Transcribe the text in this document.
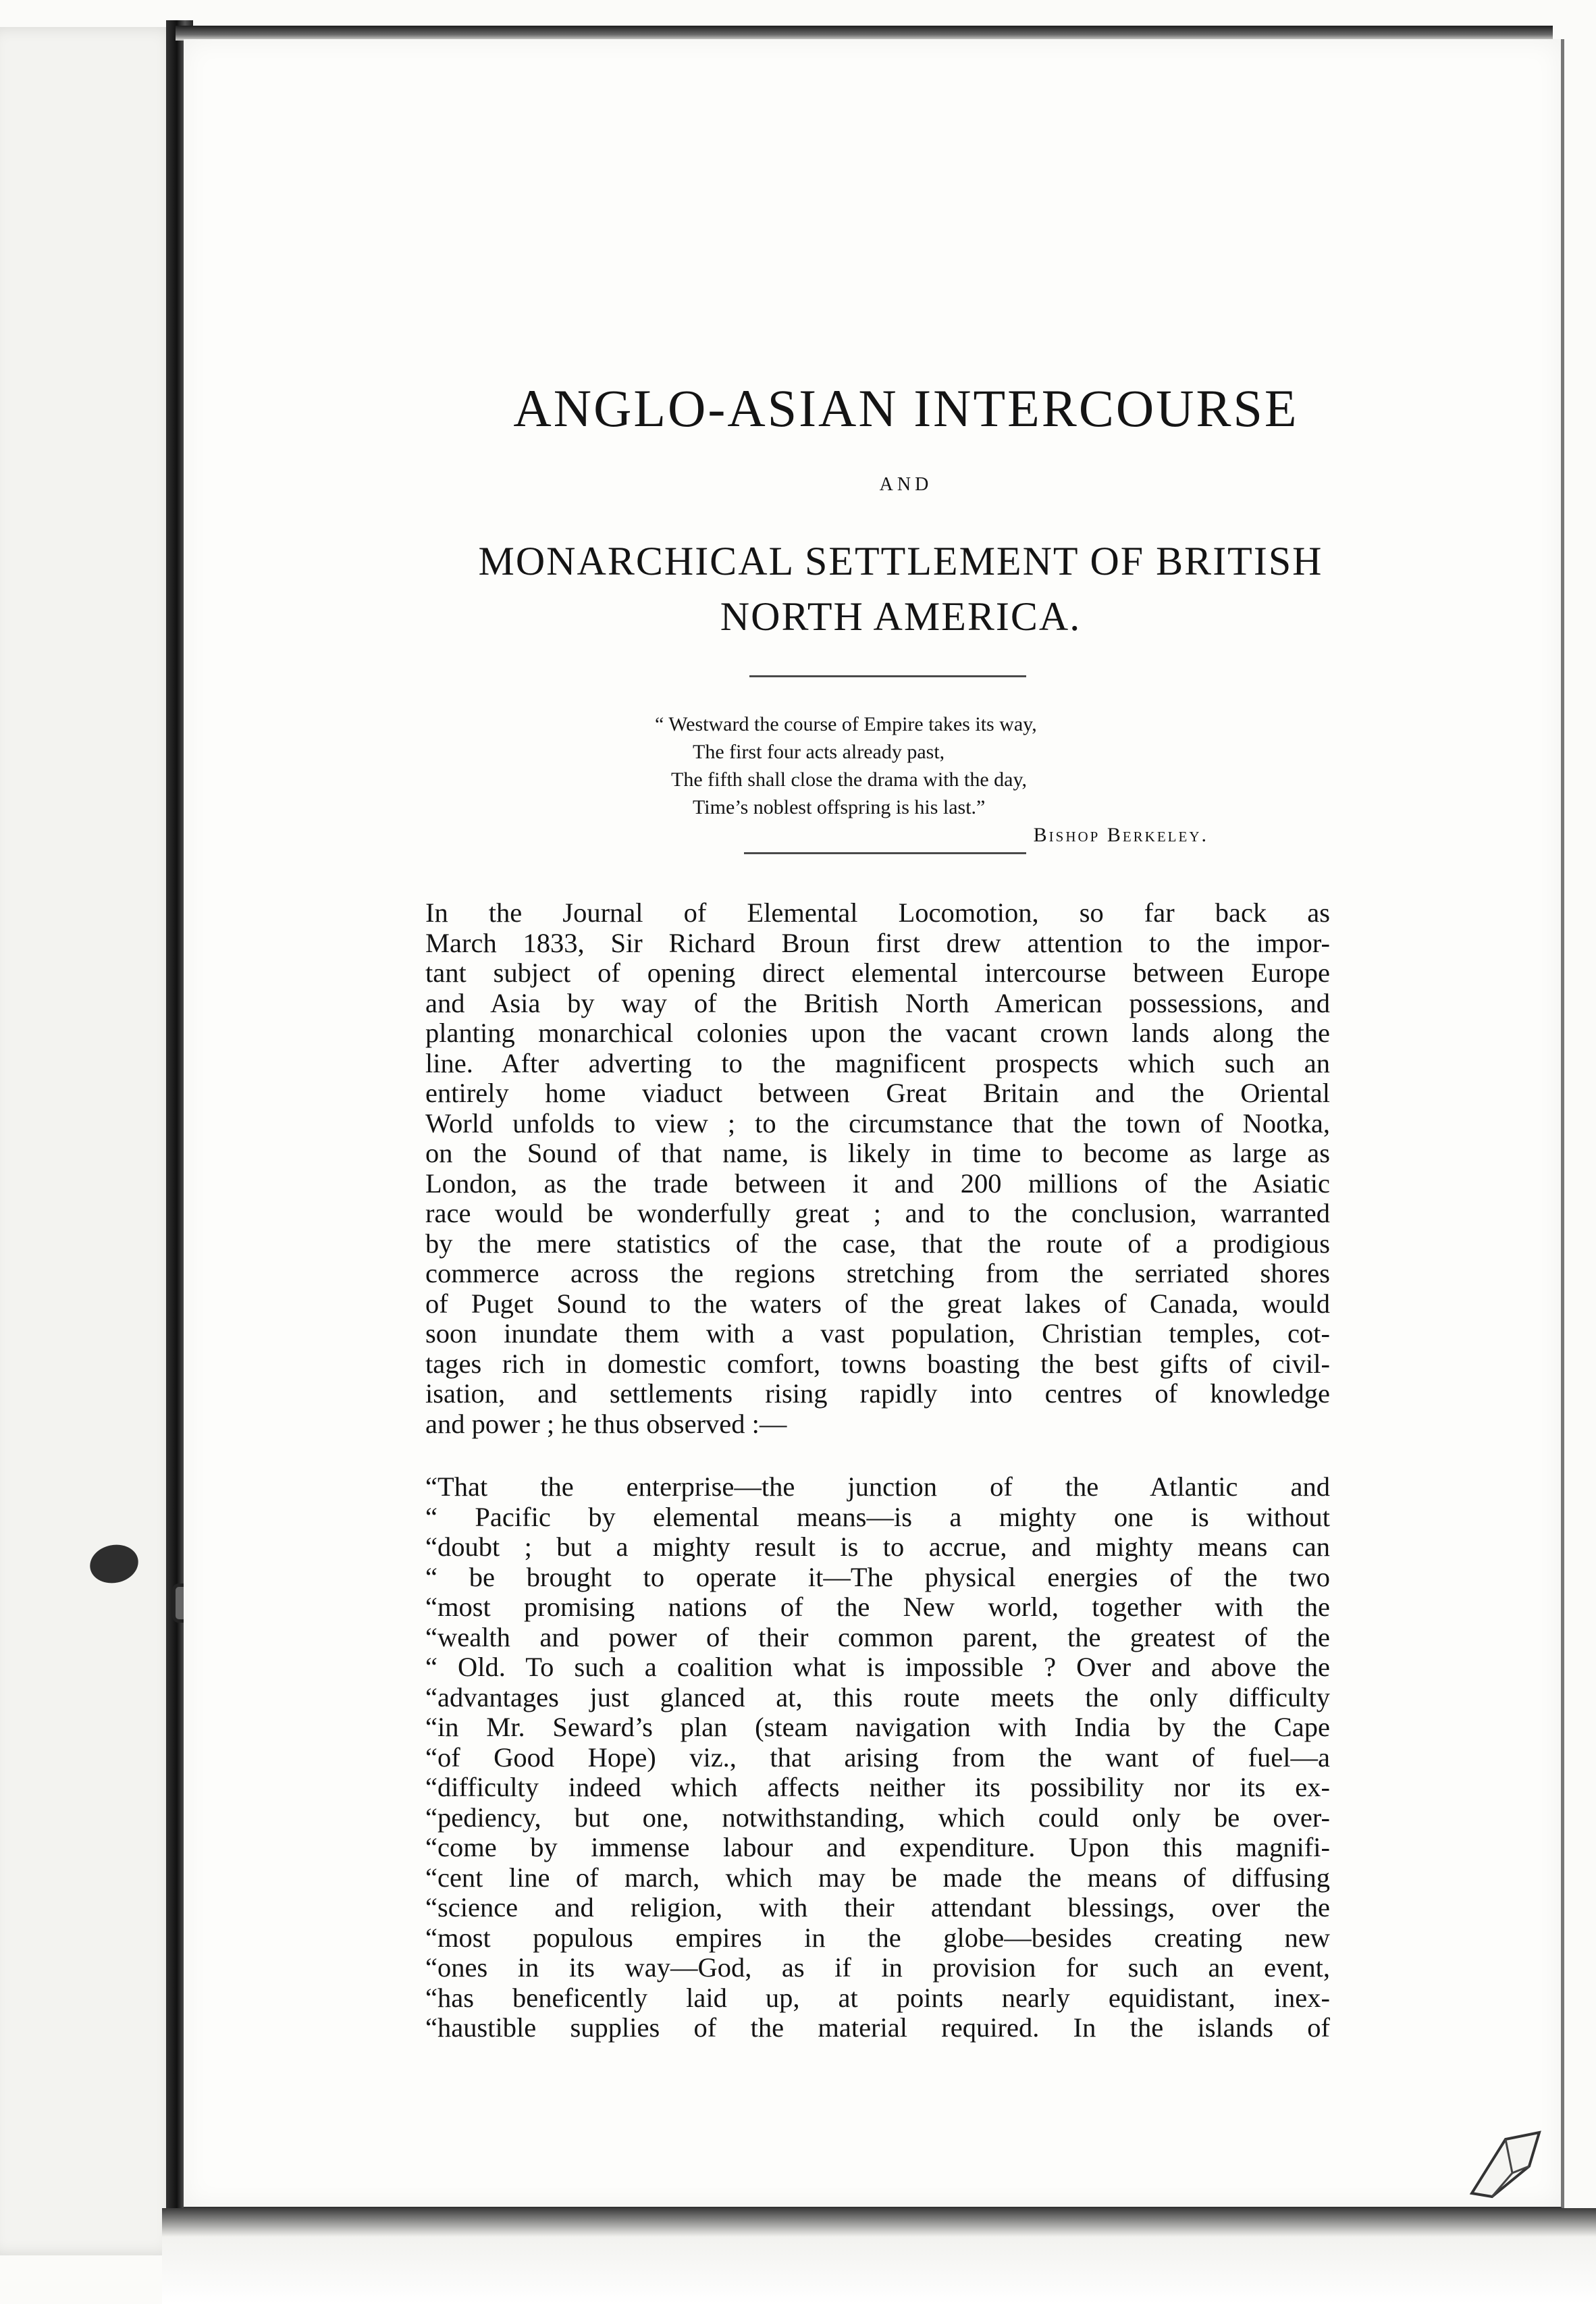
ANGLO-ASIAN INTERCOURSE
AND
MONARCHICAL SETTLEMENT OF BRITISH
NORTH AMERICA.
“ Westward the course of Empire takes its way,
The first four acts already past,
The fifth shall close the drama with the day,
Time’s noblest offspring is his last.”
Bishop Berkeley.
In the Journal of Elemental Locomotion, so far back as
March 1833, Sir Richard Broun first drew attention to the impor-
tant subject of opening direct elemental intercourse between Europe
and Asia by way of the British North American possessions, and
planting monarchical colonies upon the vacant crown lands along the
line. After adverting to the magnificent prospects which such an
entirely home viaduct between Great Britain and the Oriental
World unfolds to view ; to the circumstance that the town of Nootka,
on the Sound of that name, is likely in time to become as large as
London, as the trade between it and 200 millions of the Asiatic
race would be wonderfully great ; and to the conclusion, warranted
by the mere statistics of the case, that the route of a prodigious
commerce across the regions stretching from the serriated shores
of Puget Sound to the waters of the great lakes of Canada, would
soon inundate them with a vast population, Christian temples, cot-
tages rich in domestic comfort, towns boasting the best gifts of civil-
isation, and settlements rising rapidly into centres of knowledge
and power ; he thus observed :—
“That the enterprise—the junction of the Atlantic and
“ Pacific by elemental means—is a mighty one is without
“doubt ; but a mighty result is to accrue, and mighty means can
“ be brought to operate it—The physical energies of the two
“most promising nations of the New world, together with the
“wealth and power of their common parent, the greatest of the
“ Old. To such a coalition what is impossible ? Over and above the
“advantages just glanced at, this route meets the only difficulty
“in Mr. Seward’s plan (steam navigation with India by the Cape
“of Good Hope) viz., that arising from the want of fuel—a
“difficulty indeed which affects neither its possibility nor its ex-
“pediency, but one, notwithstanding, which could only be over-
“come by immense labour and expenditure. Upon this magnifi-
“cent line of march, which may be made the means of diffusing
“science and religion, with their attendant blessings, over the
“most populous empires in the globe—besides creating new
“ones in its way—God, as if in provision for such an event,
“has beneficently laid up, at points nearly equidistant, inex-
“haustible supplies of the material required. In the islands of
